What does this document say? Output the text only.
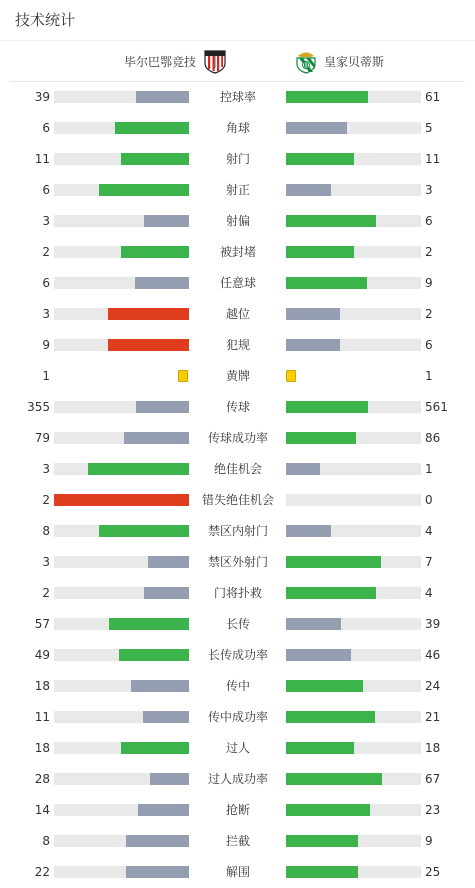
技术统计
毕尔巴鄂竞技	皇家贝蒂斯
39	控球率	61
6	角球	5
11	射门	11
6	射正	3
3	射偏	6
2	被封堵	2
6	任意球	9
3	越位	2
9	犯规	6
1	黄牌	1
355	传球	561
79	传球成功率	86
3	绝佳机会	1
2	错失绝佳机会	0
8	禁区内射门	4
3	禁区外射门	7
2	门将扑救	4
57	长传	39
49	长传成功率	46
18	传中	24
11	传中成功率	21
18	过人	18
28	过人成功率	67
14	抢断	23
8	拦截	9
22	解围	25
